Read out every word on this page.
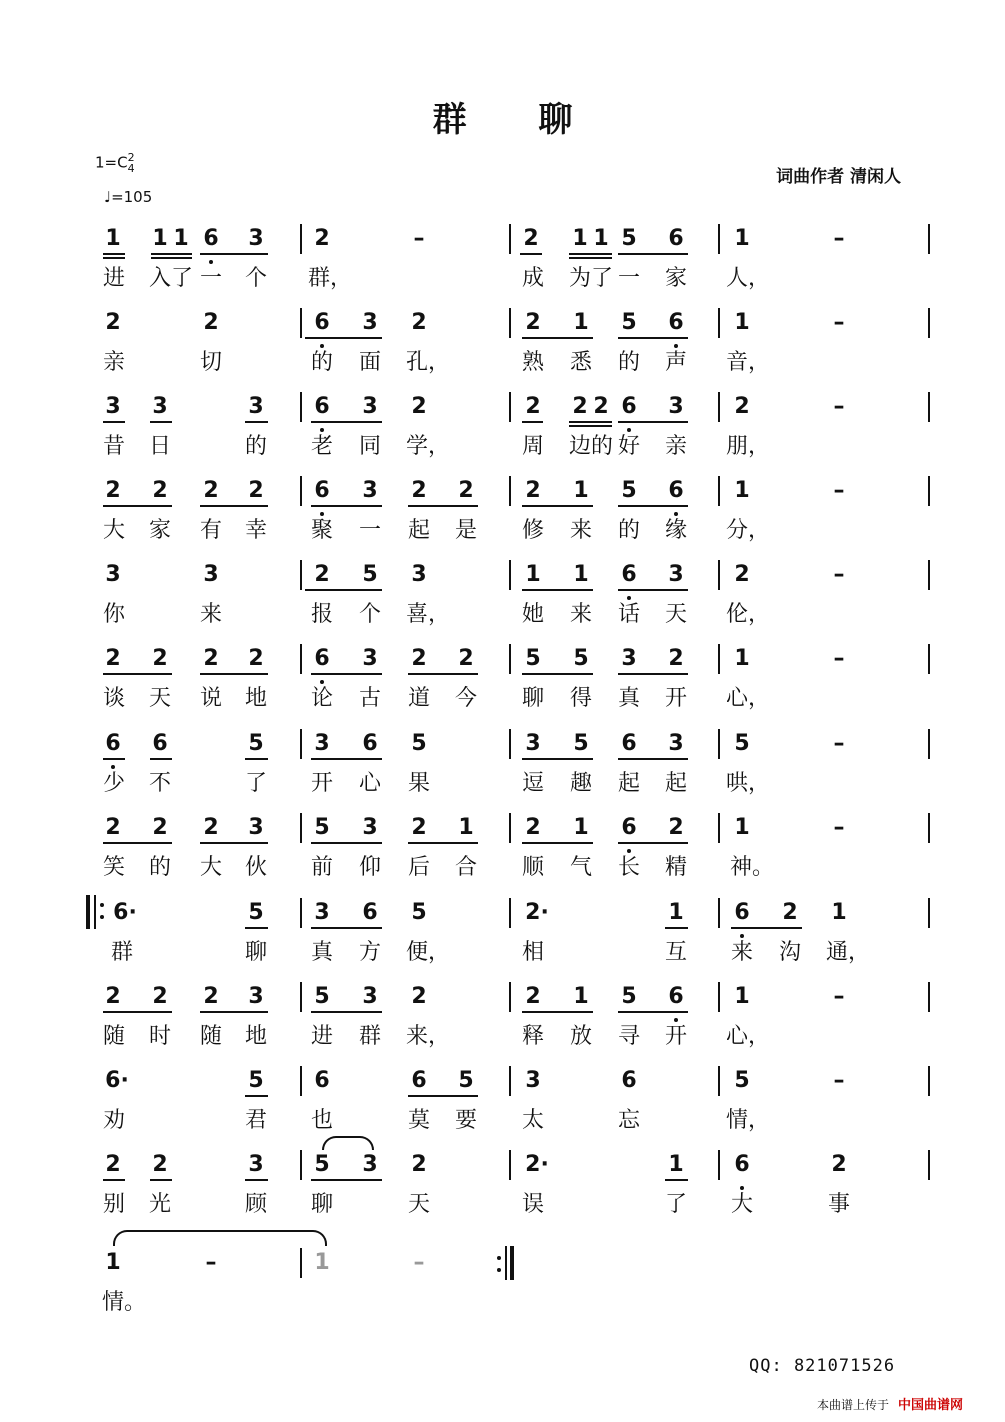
群 聊
1=C 2
4
♩=105
词曲作者 清闲人
1 1 1 6 3 2	–	2 1 1 5 6 1	–
进 入了 一 个 群，	成 为了 一 家 人，
2	2	6 3 2	2 1 5 6 1	–
亲	切	的 面 孔，	熟 悉 的 声 音，
3 3	3 6 3 2	2 2 2 6 3 2	–
昔 日	的 老 同 学，	周 边的 好 亲 朋，
2 2 2 2 6 3 2 2 2 1 5 6 1	–
大 家 有 幸 聚 一 起 是 修 来 的 缘 分，
3	3	2 5 3	1 1 6 3 2	–
你	来	报 个 喜，	她 来 话 天 伦，
2 2 2 2 6 3 2 2 5 5 3 2 1	–
谈 天 说 地 论 古 道 今 聊 得 真 开 心，
6 6	5 3 6 5	3 5 6 3 5	–
少 不	了 开 心 果	逗 趣 起 起 哄，
2 2 2 3 5 3 2 1 2 1 6 2 1	–
笑 的 大 伙 前 仰 后 合 顺 气 长 精 神。
6·	5 3 6 5	2·	1 6 2 1
群	聊 真 方 便，	相	互 来 沟 通，
2 2 2 3 5 3 2	2 1 5 6 1	–
随 时 随 地 进 群 来，	释 放 寻 开 心，
6·	5 6	6 5 3	6	5	–
劝	君 也	莫 要 太	忘	情，
2 2	3 5 3 2	2·	1 6	2
别 光	顾 聊	天	误	了 大	事
1	–	1	–
情。
QQ: 821071526
本曲谱上传于 中国曲谱网
